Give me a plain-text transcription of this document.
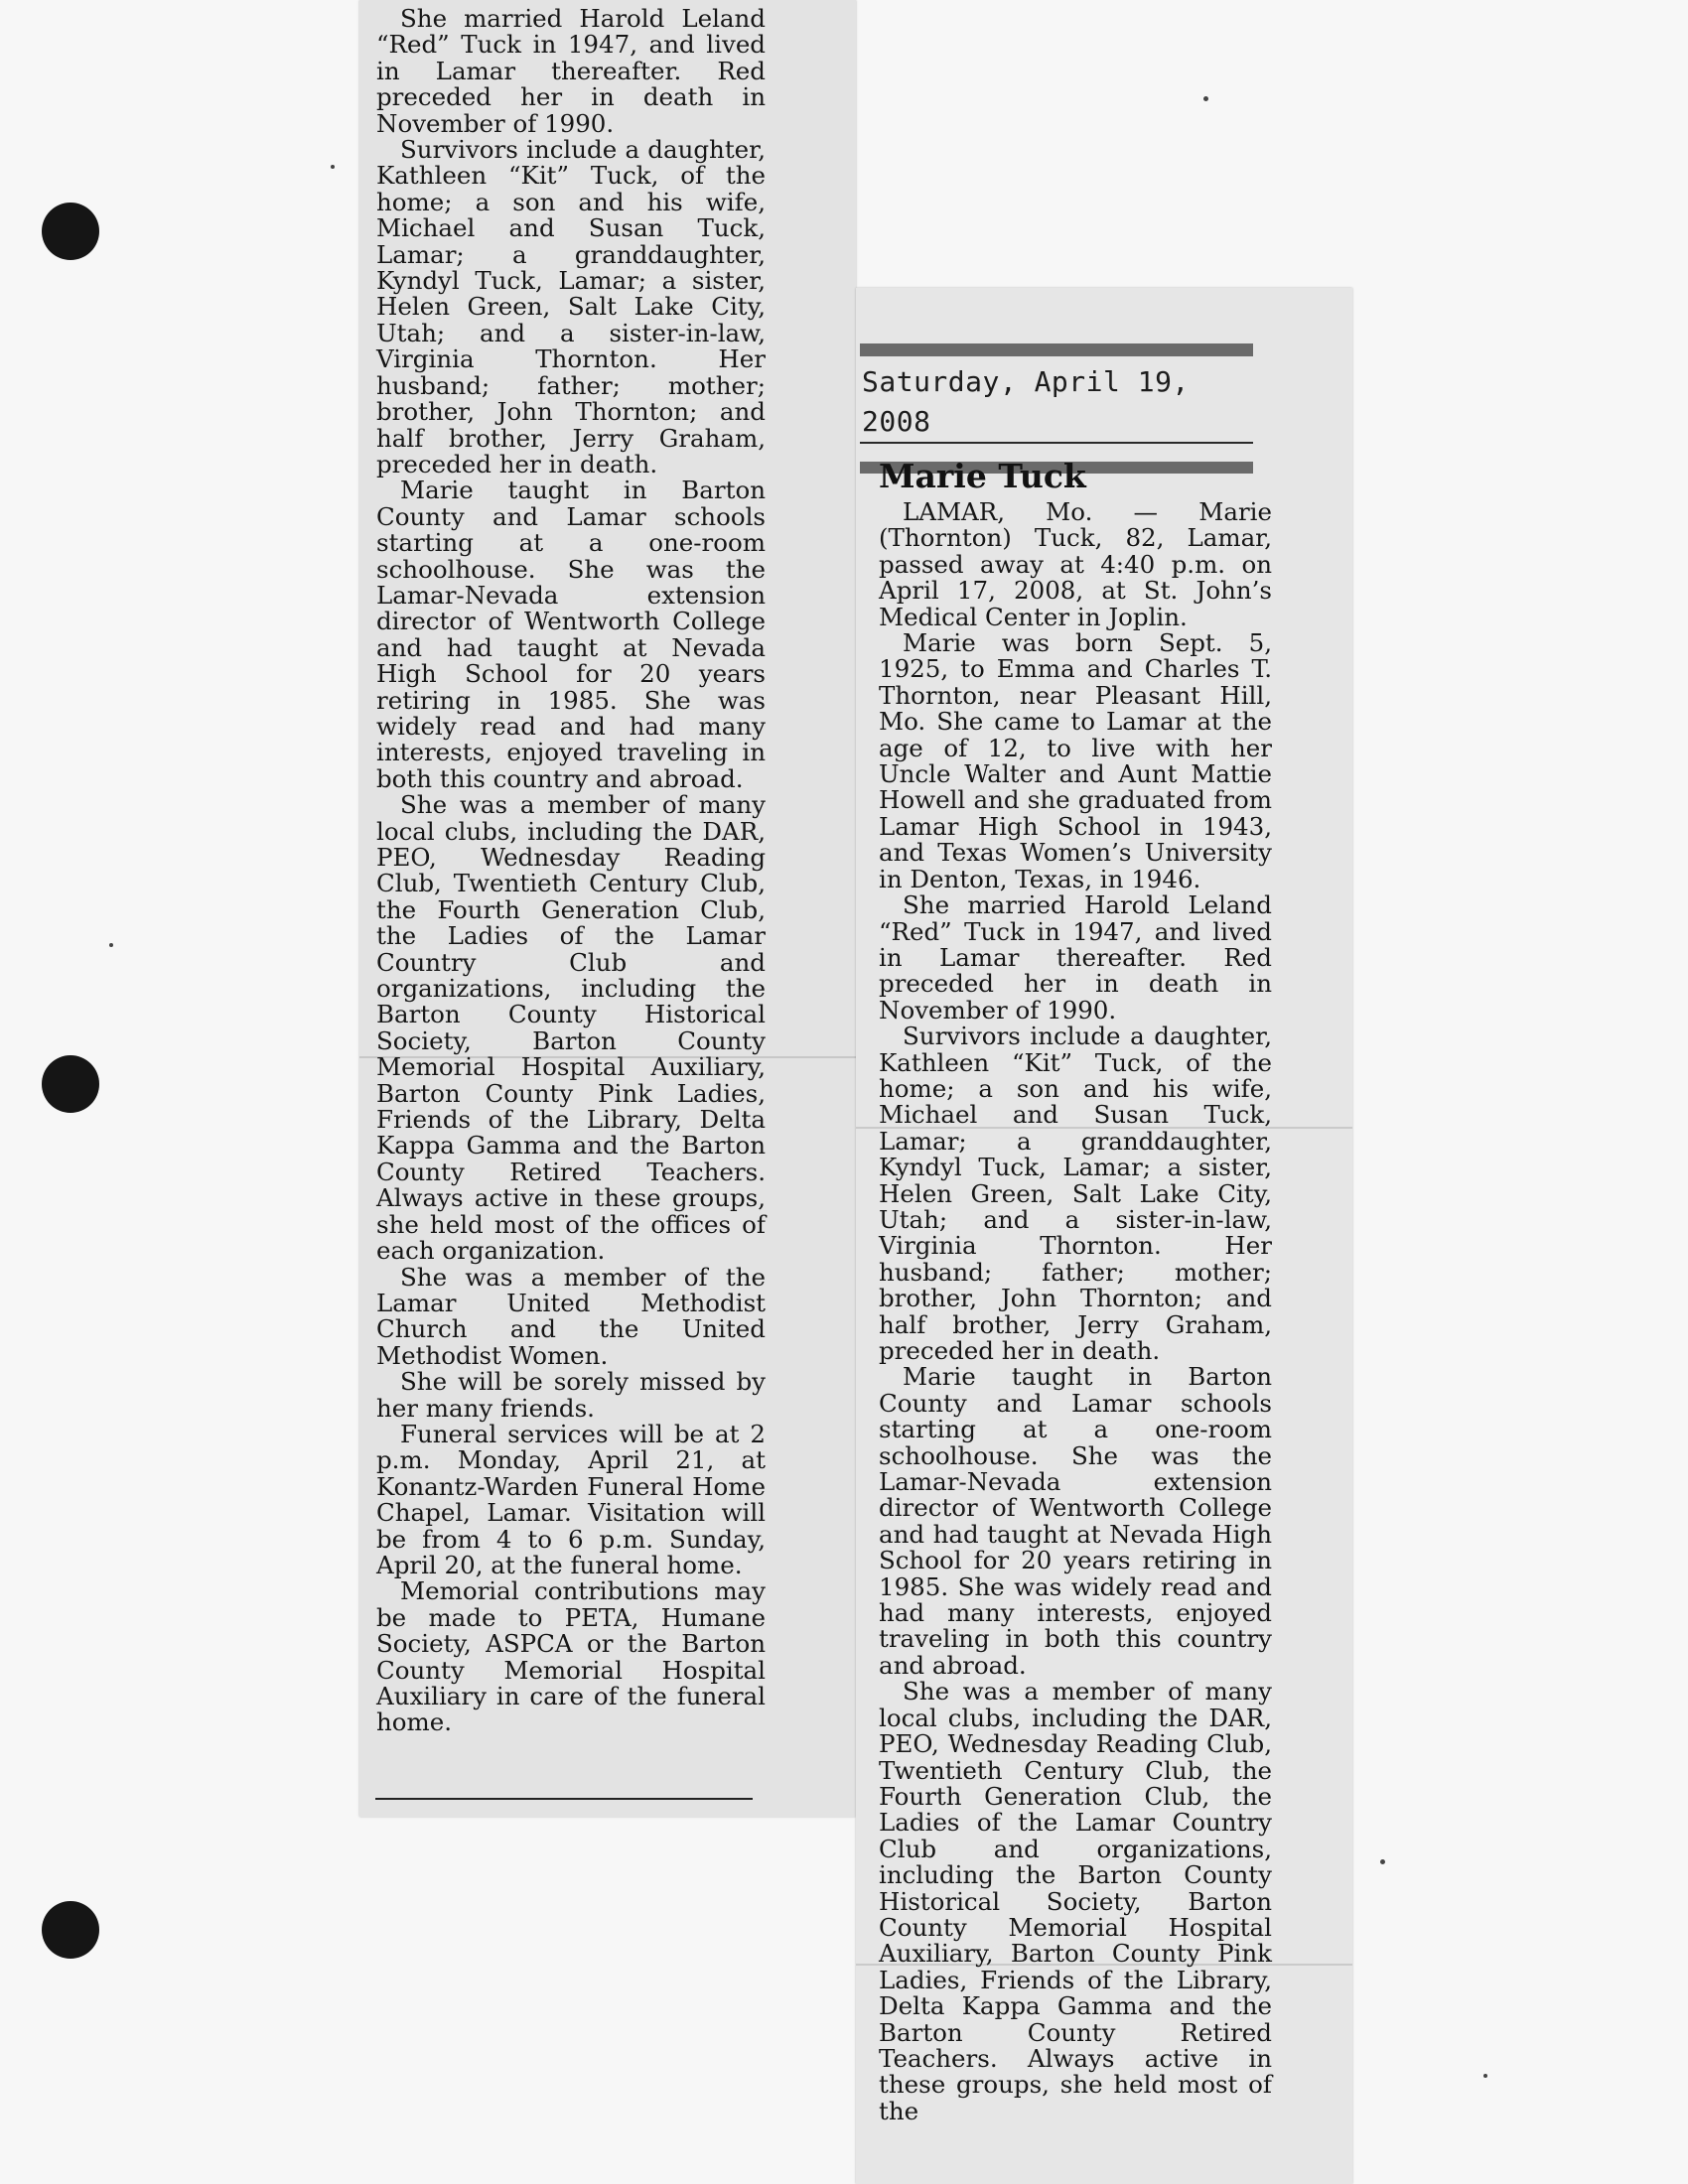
She married Harold Leland “Red” Tuck in 1947, and lived in Lamar thereafter. Red preceded her in death in November of 1990.

Survivors include a daughter, Kathleen “Kit” Tuck, of the home; a son and his wife, Michael and Susan Tuck, Lamar; a granddaughter, Kyndyl Tuck, Lamar; a sister, Helen Green, Salt Lake City, Utah; and a sister-in-law, Virginia Thornton. Her husband; father; mother; brother, John Thornton; and half brother, Jerry Graham, preceded her in death.

Marie taught in Barton County and Lamar schools starting at a one-room schoolhouse. She was the Lamar-Nevada extension director of Wentworth College and had taught at Nevada High School for 20 years retiring in 1985. She was widely read and had many interests, enjoyed traveling in both this country and abroad.

She was a member of many local clubs, including the DAR, PEO, Wednesday Reading Club, Twentieth Century Club, the Fourth Generation Club, the Ladies of the Lamar Country Club and organizations, including the Barton County Historical Society, Barton County Memorial Hospital Auxiliary, Barton County Pink Ladies, Friends of the Library, Delta Kappa Gamma and the Barton County Retired Teachers. Always active in these groups, she held most of the offices of each organization.

She was a member of the Lamar United Methodist Church and the United Methodist Women.

She will be sorely missed by her many friends.

Funeral services will be at 2 p.m. Monday, April 21, at Konantz-Warden Funeral Home Chapel, Lamar. Visitation will be from 4 to 6 p.m. Sunday, April 20, at the funeral home.

Memorial contributions may be made to PETA, Humane Society, ASPCA or the Barton County Memorial Hospital Auxiliary in care of the funeral home.

Saturday, April 19, 2008
Marie Tuck

LAMAR, Mo. — Marie (Thornton) Tuck, 82, Lamar, passed away at 4:40 p.m. on April 17, 2008, at St. John’s Medical Center in Joplin.

Marie was born Sept. 5, 1925, to Emma and Charles T. Thornton, near Pleasant Hill, Mo. She came to Lamar at the age of 12, to live with her Uncle Walter and Aunt Mattie Howell and she graduated from Lamar High School in 1943, and Texas Women’s University in Denton, Texas, in 1946.

She married Harold Leland “Red” Tuck in 1947, and lived in Lamar thereafter. Red preceded her in death in November of 1990.

Survivors include a daughter, Kathleen “Kit” Tuck, of the home; a son and his wife, Michael and Susan Tuck, Lamar; a granddaughter, Kyndyl Tuck, Lamar; a sister, Helen Green, Salt Lake City, Utah; and a sister-in-law, Virginia Thornton. Her husband; father; mother; brother, John Thornton; and half brother, Jerry Graham, preceded her in death.

Marie taught in Barton County and Lamar schools starting at a one-room schoolhouse. She was the Lamar-Nevada extension director of Wentworth College and had taught at Nevada High School for 20 years retiring in 1985. She was widely read and had many interests, enjoyed traveling in both this country and abroad.

She was a member of many local clubs, including the DAR, PEO, Wednesday Reading Club, Twentieth Century Club, the Fourth Generation Club, the Ladies of the Lamar Country Club and organizations, including the Barton County Historical Society, Barton County Memorial Hospital Auxiliary, Barton County Pink Ladies, Friends of the Library, Delta Kappa Gamma and the Barton County Retired Teachers. Always active in these groups, she held most of the
